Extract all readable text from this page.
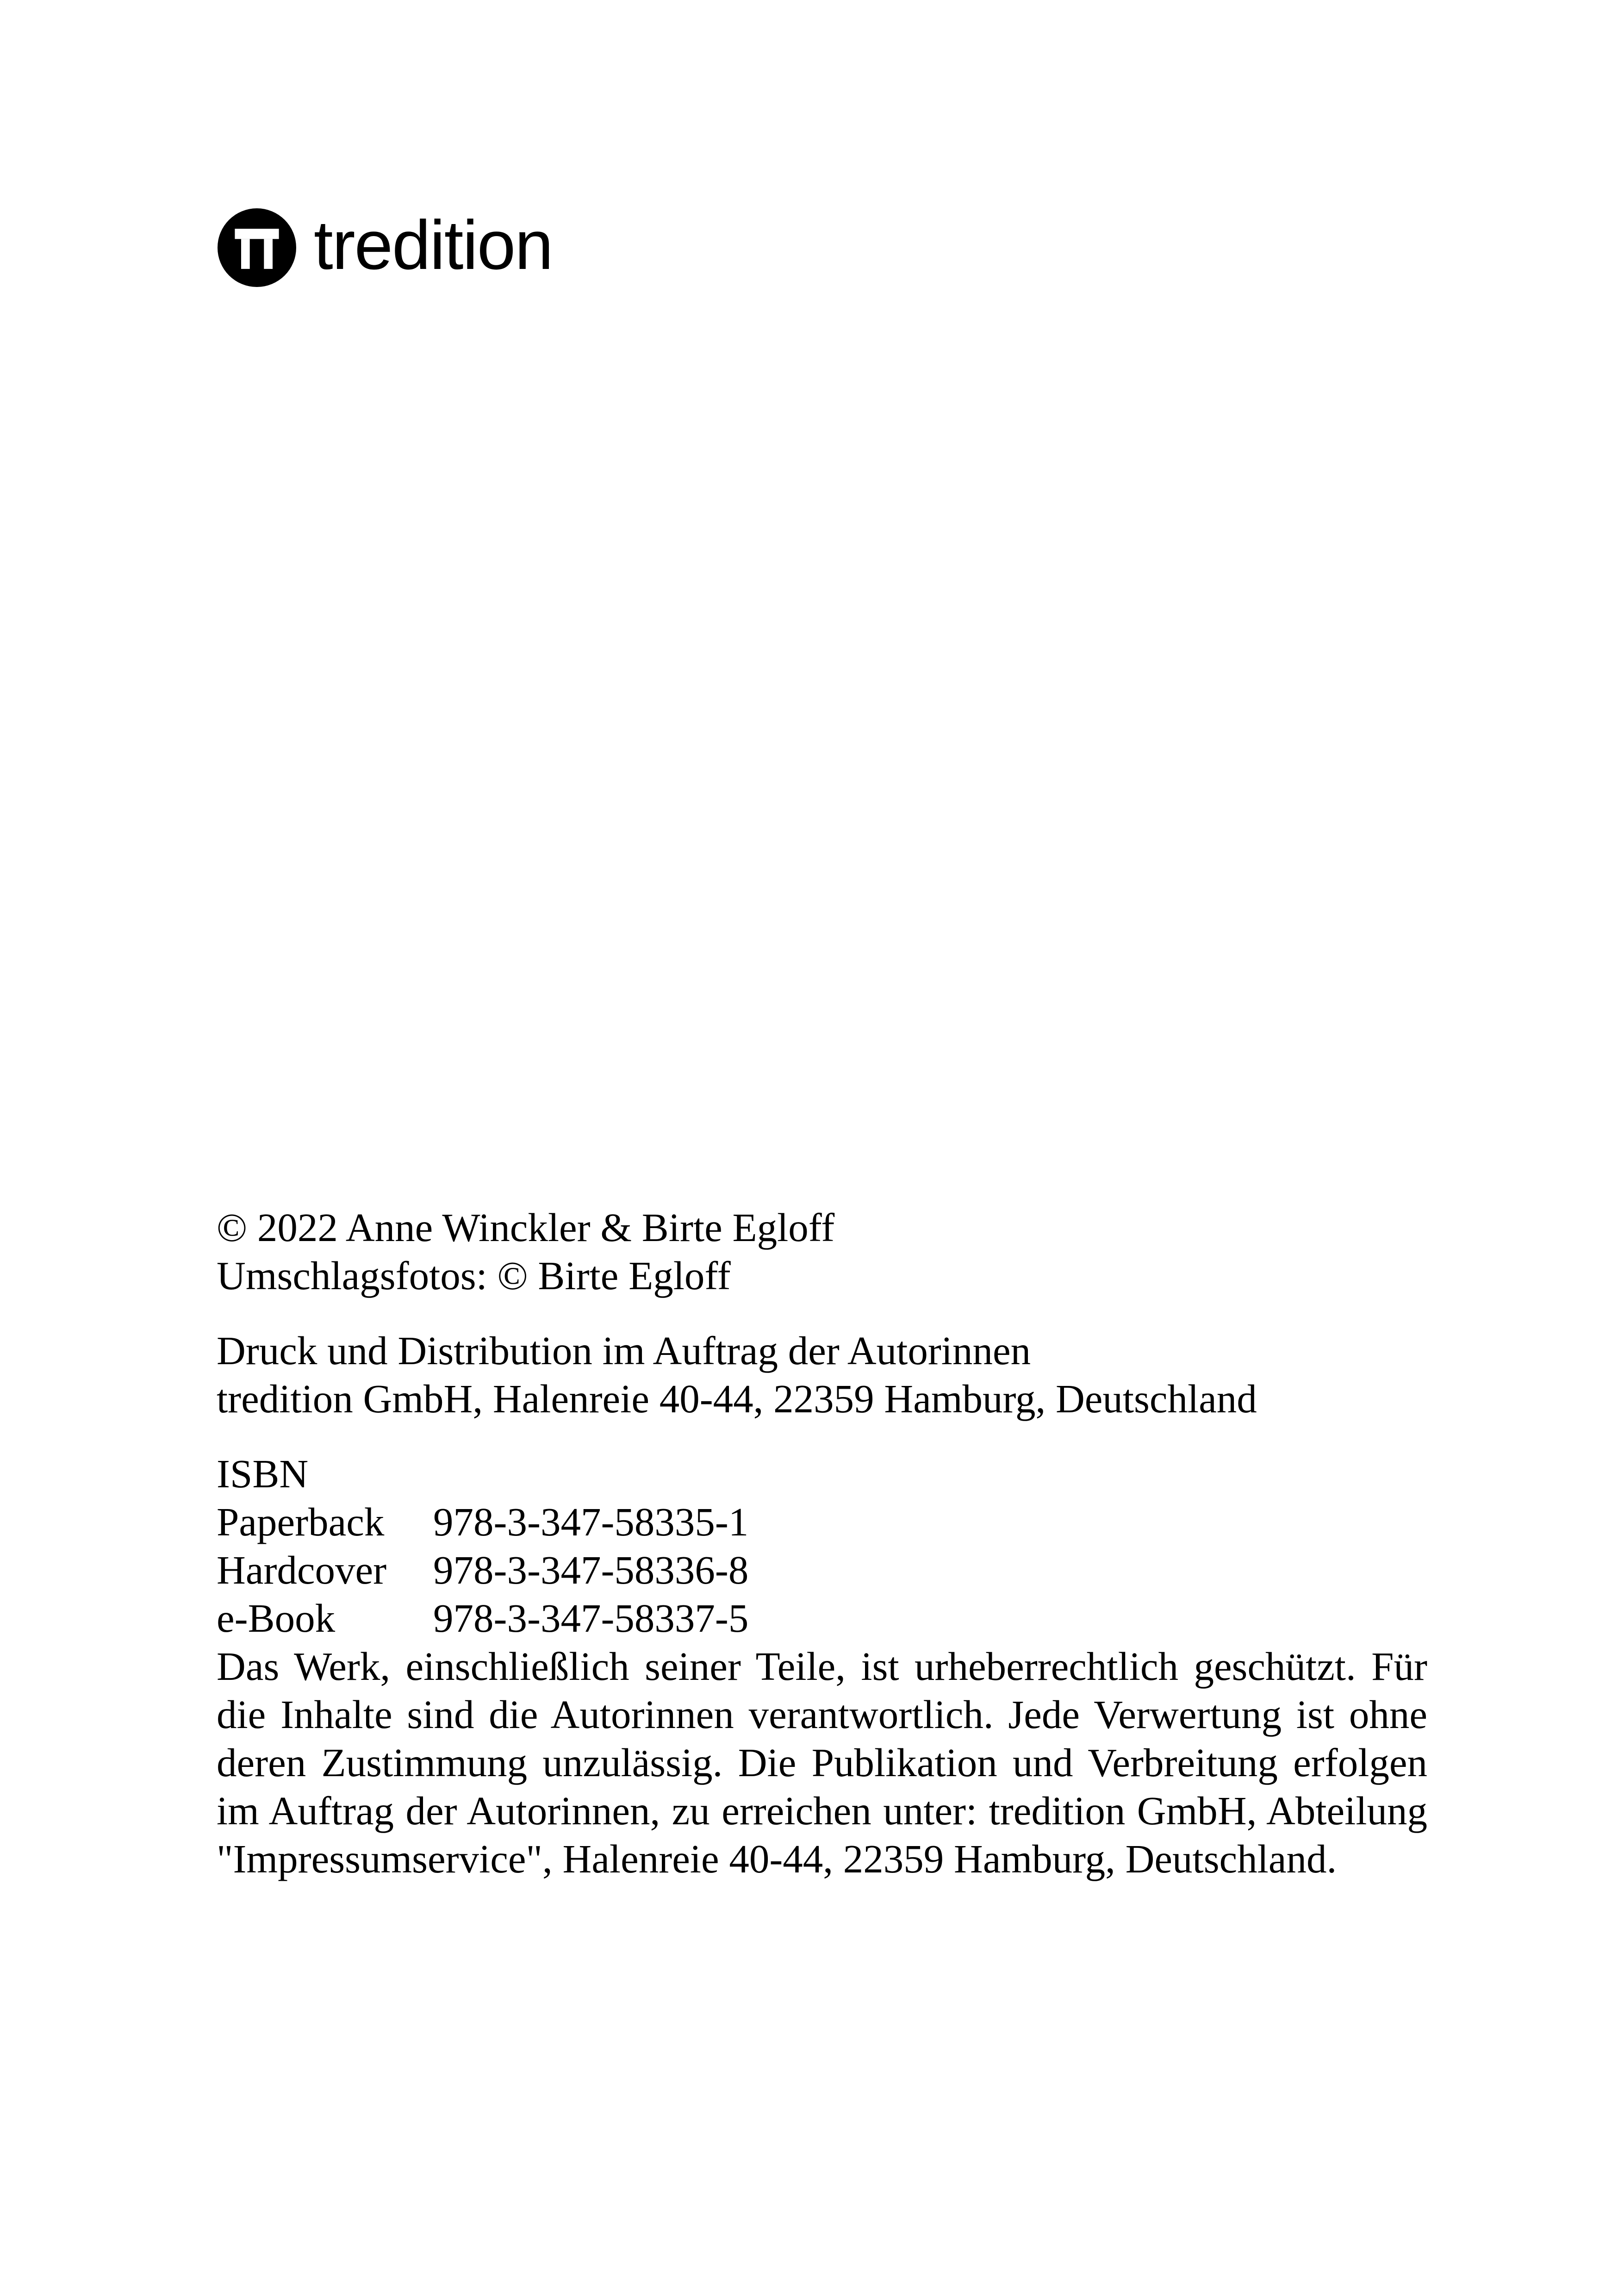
tredition

© 2022 Anne Winckler & Birte Egloff

Umschlagsfotos: © Birte Egloff

Druck und Distribution im Auftrag der Autorinnen

tredition GmbH, Halenreie 40-44, 22359 Hamburg, Deutschland

ISBN

Paperback	978-3-347-58335-1
Hardcover	978-3-347-58336-8
e-Book	978-3-347-58337-5

Das Werk, einschließlich seiner Teile, ist urheberrechtlich geschützt. Für die Inhalte sind die Autorinnen verantwortlich. Jede Verwertung ist ohne deren Zustimmung unzulässig. Die Publikation und Verbreitung erfolgen im Auftrag der Autorinnen, zu erreichen unter: tredition GmbH, Abteilung "Impressumservice", Halenreie 40-44, 22359 Hamburg, Deutschland.
